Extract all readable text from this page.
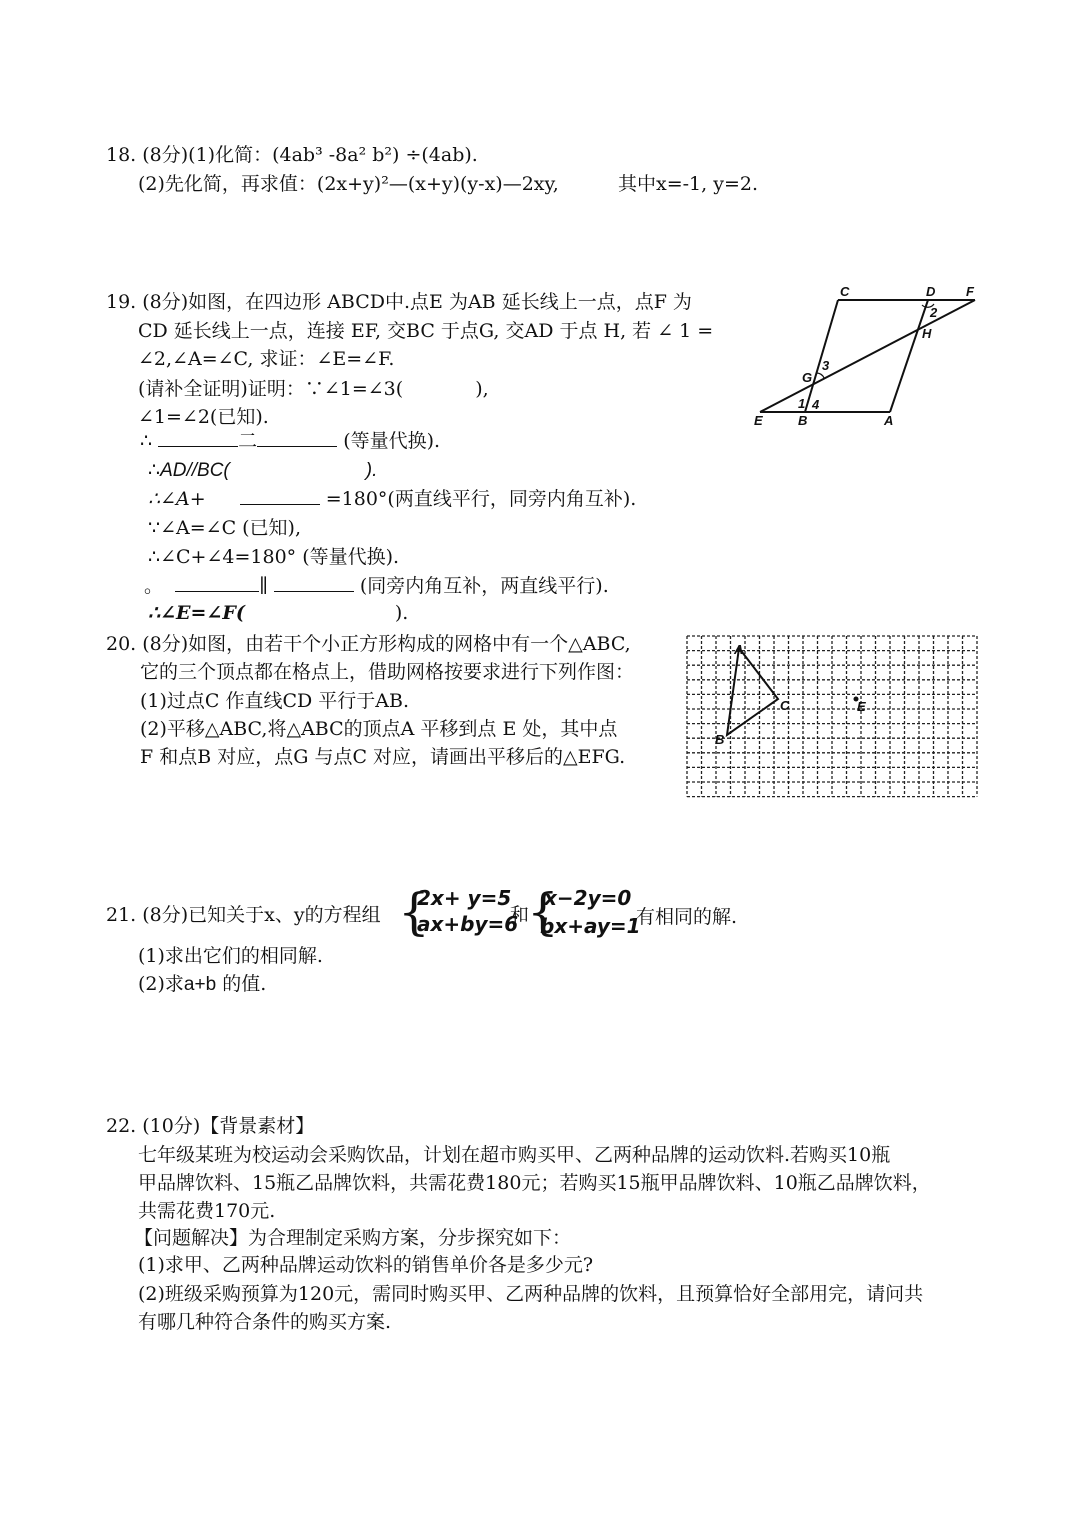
18. (8分)(1)化简：(4ab³ -8a² b²) ÷(4ab).
(2)先化简，再求值：(2x+y)²—(x+y)(y-x)—2xy,	其中x=-1, y=2.
19. (8分)如图，在四边形 ABCD中.点E 为AB 延长线上一点，点F 为
CD 延长线上一点，连接 EF, 交BC 于点G, 交AD 于点 H, 若 ∠ 1 =
∠2,∠A=∠C, 求证：∠E=∠F.
(请补全证明)证明：∵∠1=∠3(	),
∠1=∠2(已知).
∴	二	(等量代换).
∴AD//BC(	).
∴∠A+	=180°(两直线平行，同旁内角互补).
∵∠A=∠C (已知),
∴∠C+∠4=180° (等量代换).
。	∥	(同旁内角互补，两直线平行).
∴∠E=∠F(	).
C	D F
H
G
E	B	A
2
3
1 4
20. (8分)如图，由若干个小正方形构成的网格中有一个△ABC,
它的三个顶点都在格点上，借助网格按要求进行下列作图：
(1)过点C 作直线CD 平行于AB.
(2)平移△ABC,将△ABC的顶点A 平移到点 E 处，其中点
F 和点B 对应，点G 与点C 对应，请画出平移后的△EFG.
A
B
C	E
21. (8分)已知关于x、y的方程组 {
2x+ y=5
ax+by=6
和
{
x−2y=0
bx+ay=1
有相同的解.
(1)求出它们的相同解.
(2)求a+b 的值.
22. (10分)【背景素材】
七年级某班为校运动会采购饮品，计划在超市购买甲、乙两种品牌的运动饮料.若购买10瓶
甲品牌饮料、15瓶乙品牌饮料，共需花费180元；若购买15瓶甲品牌饮料、10瓶乙品牌饮料，
共需花费170元.
【问题解决】为合理制定采购方案，分步探究如下：
(1)求甲、乙两种品牌运动饮料的销售单价各是多少元?
(2)班级采购预算为120元，需同时购买甲、乙两种品牌的饮料，且预算恰好全部用完，请问共
有哪几种符合条件的购买方案.
